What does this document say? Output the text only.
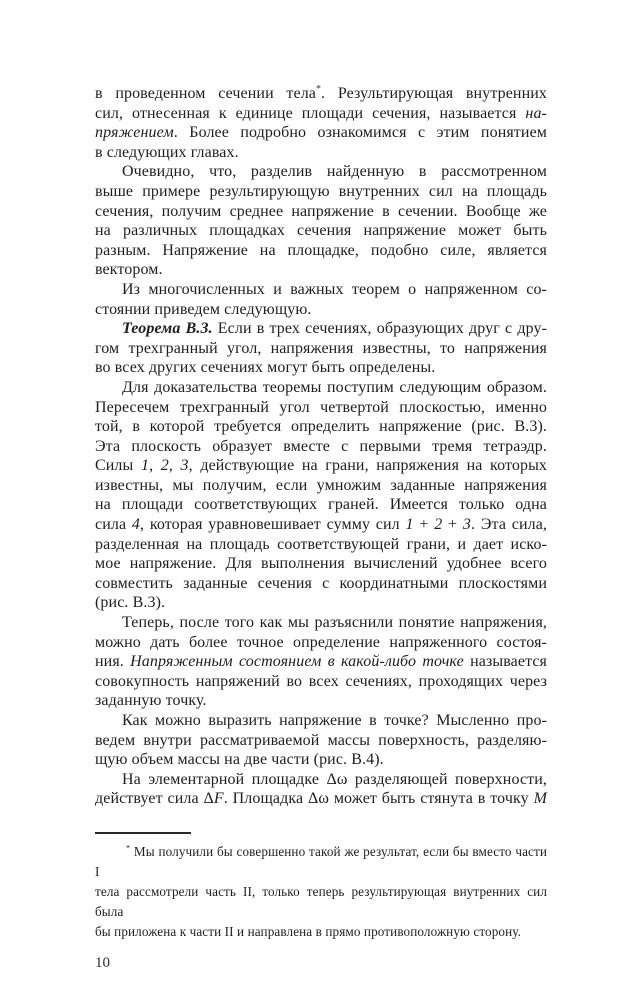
в проведенном сечении тела*. Результирующая внутренних
сил, отнесенная к единице площади сечения, называется на-
пряжением. Более подробно ознакомимся с этим понятием
в следующих главах.
Очевидно, что, разделив найденную в рассмотренном
выше примере результирующую внутренних сил на площадь
сечения, получим среднее напряжение в сечении. Вообще же
на различных площадках сечения напряжение может быть
разным. Напряжение на площадке, подобно силе, является
вектором.
Из многочисленных и важных теорем о напряженном со-
стоянии приведем следующую.
Теорема В.3. Если в трех сечениях, образующих друг с дру-
гом трехгранный угол, напряжения известны, то напряжения
во всех других сечениях могут быть определены.
Для доказательства теоремы поступим следующим образом.
Пересечем трехгранный угол четвертой плоскостью, именно
той, в которой требуется определить напряжение (рис. В.3).
Эта плоскость образует вместе с первыми тремя тетраэдр.
Силы 1, 2, 3, действующие на грани, напряжения на которых
известны, мы получим, если умножим заданные напряжения
на площади соответствующих граней. Имеется только одна
сила 4, которая уравновешивает сумму сил 1 + 2 + 3. Эта сила,
разделенная на площадь соответствующей грани, и дает иско-
мое напряжение. Для выполнения вычислений удобнее всего
совместить заданные сечения с координатными плоскостями
(рис. В.3).
Теперь, после того как мы разъяснили понятие напряжения,
можно дать более точное определение напряженного состоя-
ния. Напряженным состоянием в какой-либо точке называется
совокупность напряжений во всех сечениях, проходящих через
заданную точку.
Как можно выразить напряжение в точке? Мысленно про-
ведем внутри рассматриваемой массы поверхность, разделяю-
щую объем массы на две части (рис. В.4).
На элементарной площадке Δω разделяющей поверхности,
действует сила ΔF. Площадка Δω может быть стянута в точку М
* Мы получили бы совершенно такой же результат, если бы вместо части I
тела рассмотрели часть II, только теперь результирующая внутренних сил была
бы приложена к части II и направлена в прямо противоположную сторону.
10
